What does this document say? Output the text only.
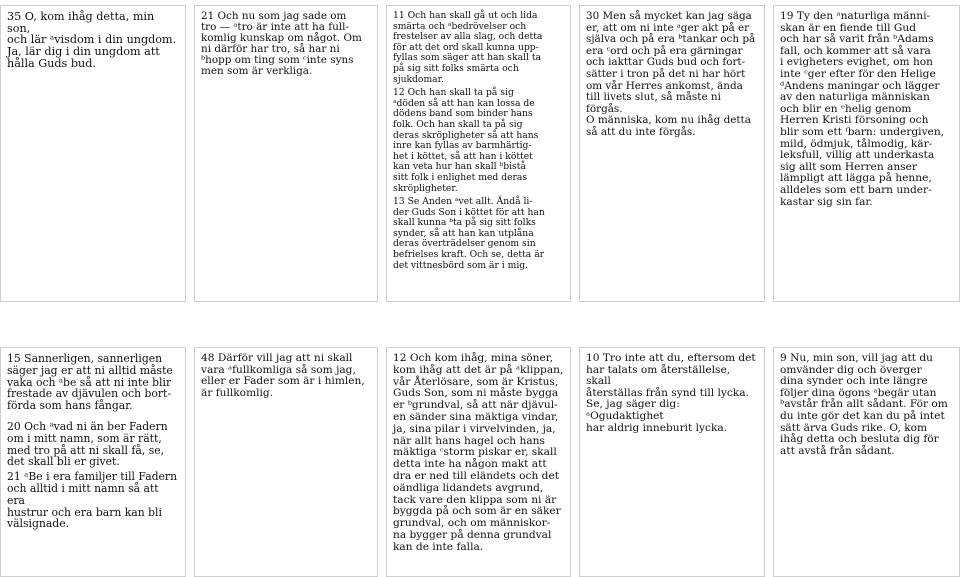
35 O, kom ihåg detta, min son,
och lär ᵃvisdom i din ungdom.
Ja, lär dig i din ungdom att
hålla Guds bud.

21 Och nu som jag sade om
tro — ᵃtro är inte att ha full-
komlig kunskap om något. Om
ni därför har tro, så har ni
ᵇhopp om ting som ᶜinte syns
men som är verkliga.

11 Och han skall gå ut och lida
smärta och ᵃbedrövelser och
frestelser av alla slag, och detta
för att det ord skall kunna upp-
fyllas som säger att han skall ta
på sig sitt folks smärta och
sjukdomar.

12 Och han skall ta på sig
ᵃdöden så att han kan lossa de
dödens band som binder hans
folk. Och han skall ta på sig
deras skröpligheter så att hans
inre kan fyllas av barmhärtig-
het i köttet, så att han i köttet
kan veta hur han skall ᵇbistå
sitt folk i enlighet med deras
skröpligheter.

13 Se Anden ᵃvet allt. Ändå li-
der Guds Son i köttet för att han
skall kunna ᵇta på sig sitt folks
synder, så att han kan utplåna
deras överträdelser genom sin
befrielses kraft. Och se, detta är
det vittnesbörd som är i mig.

30 Men så mycket kan jag säga
er, att om ni inte ᵃger akt på er
själva och på era ᵇtankar och på
era ᶜord och på era gärningar
och iakttar Guds bud och fort-
sätter i tron på det ni har hört
om vår Herres ankomst, ända
till livets slut, så måste ni förgås.
O människa, kom nu ihåg detta
så att du inte förgås.

19 Ty den ᵃnaturliga männi-
skan är en fiende till Gud
och har så varit från ᵇAdams
fall, och kommer att så vara
i evigheters evighet, om hon
inte ᶜger efter för den Helige
ᵈAndens maningar och lägger
av den naturliga människan
och blir en ᵉhelig genom
Herren Kristi försoning och
blir som ett ᶠbarn: undergiven,
mild, ödmjuk, tålmodig, kär-
leksfull, villig att underkasta
sig allt som Herren anser
lämpligt att lägga på henne,
alldeles som ett barn under-
kastar sig sin far.

15 Sannerligen, sannerligen
säger jag er att ni alltid måste
vaka och ᵃbe så att ni inte blir
frestade av djävulen och bort-
förda som hans fångar.

20 Och ᵃvad ni än ber Fadern
om i mitt namn, som är rätt,
med tro på att ni skall få, se,
det skall bli er givet.

21 ᵃBe i era familjer till Fadern
och alltid i mitt namn så att era
hustrur och era barn kan bli
välsignade.

48 Därför vill jag att ni skall
vara ᵃfullkomliga så som jag,
eller er Fader som är i himlen,
är fullkomlig.

12 Och kom ihåg, mina söner,
kom ihåg att det är på ᵃklippan,
vår Återlösare, som är Kristus,
Guds Son, som ni måste bygga
er ᵇgrundval, så att när djävul-
en sänder sina mäktiga vindar,
ja, sina pilar i virvelvinden, ja,
när allt hans hagel och hans
mäktiga ᶜstorm piskar er, skall
detta inte ha någon makt att
dra er ned till eländets och det
oändliga lidandets avgrund,
tack vare den klippa som ni är
byggda på och som är en säker
grundval, och om människor-
na bygger på denna grundval
kan de inte falla.

10 Tro inte att du, eftersom det
har talats om återställelse, skall
återställas från synd till lycka.
Se, jag säger dig: ᵃOgudaktighet
har aldrig inneburit lycka.

9 Nu, min son, vill jag att du
omvänder dig och överger
dina synder och inte längre
följer dina ögons ᵃbegär utan
ᵇavstår från allt sådant. För om
du inte gör det kan du på intet
sätt ärva Guds rike. O, kom
ihåg detta och besluta dig för
att avstå från sådant.
